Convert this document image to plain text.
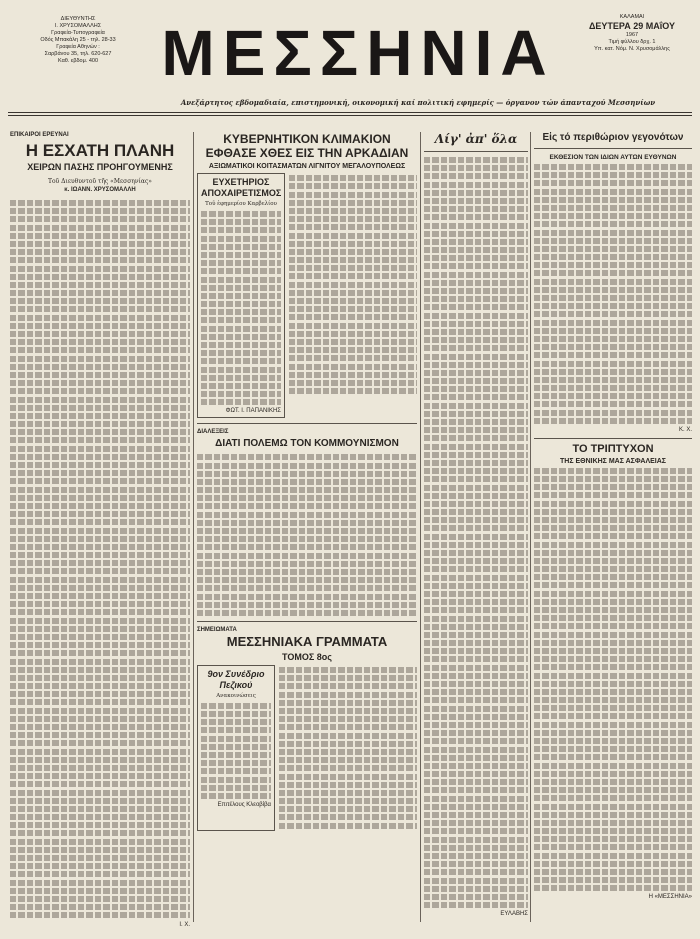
ΔΙΕΥΘΥΝΤΗΣ
Ι. ΧΡΥΣΟΜΑΛΛΗΣ
Γραφεία-Τυπογραφεία
Οδός Μπακάλη 25 - τηλ. 28-33
Γραφεία Αθηνών :
Σαρβάνου 35, τηλ. 620-627
Καθ. εβδομ. 400 ΜΕΣΣΗΝΙΑ	ΚΑΛΑΜΑΙ
ΔΕΥΤΕΡΑ 29 ΜΑΐΟΥ
1967
Τιμή φύλλου δρχ. 1
Υπ. κατ. Νόμ. Ν. Χρυσομάλλης
Ανεξάρτητος εβδομαδιαία, επιστημονική, οικονομική καί πολιτική εφημερίς — όργανον τών άπανταχού Μεσσηνίων
ΕΠΙΚΑΙΡΟΙ ΕΡΕΥΝΑΙ
Η ΕΣΧΑΤΗ ΠΛΑΝΗ
ΧΕΙΡΩΝ ΠΑΣΗΣ ΠΡΟΗΓΟΥΜΕΝΗΣ
Τοῦ Διευθυντοῦ τῆς «Μεσσηνίας»
κ. ΙΩΑΝΝ. ΧΡΥΣΟΜΑΛΛΗ
Ι. Χ.
ΚΥΒΕΡΝΗΤΙΚΟΝ ΚΛΙΜΑΚΙΟΝ ΕΦΘΑΣΕ ΧΘΕΣ ΕΙΣ ΤΗΝ ΑΡΚΑΔΙΑΝ
ΑΞΙΩΜΑΤΙΚΟΙ ΚΟΙΤΑΣΜΑΤΩΝ ΛΙΓΝΙΤΟΥ ΜΕΓΑΛΟΥΠΟΛΕΩΣ
ΕΥΧΕΤΗΡΙΟΣ ΑΠΟΧΑΙΡΕΤΙΣΜΟΣ
Τοῦ ἐφημερίου Καρβελίου
ΦΩΤ. Ι. ΠΑΠΑΝΙΚΗΣ
ΔΙΑΛΕΞΕΙΣ
ΔΙΑΤΙ ΠΟΛΕΜΩ ΤΟΝ ΚΟΜΜΟΥΝΙΣΜΟΝ
ΣΗΜΕΙΩΜΑΤΑ
ΜΕΣΣΗΝΙΑΚΑ ΓΡΑΜΜΑΤΑ
ΤΟΜΟΣ 8ος
9ον Συνέδριο Πεζικού
Ανακοινώσεις
Επιτέλους Κλεοβίβα
Λίγ' ἀπ' ὅλα
ΕΥΛΑΒΗΣ
Εἰς τό περιθώριον γεγονότων
ΕΚΘΕΣΙΟΝ ΤΩΝ ΙΔΙΩΝ ΑΥΤΩΝ ΕΥΘΥΝΩΝ
Κ. Χ.
ΤΟ ΤΡΙΠΤΥΧΟΝ
ΤΗΣ ΕΘΝΙΚΗΣ ΜΑΣ ΑΣΦΑΛΕΙΑΣ
Η «ΜΕΣΣΗΝΙΑ»
